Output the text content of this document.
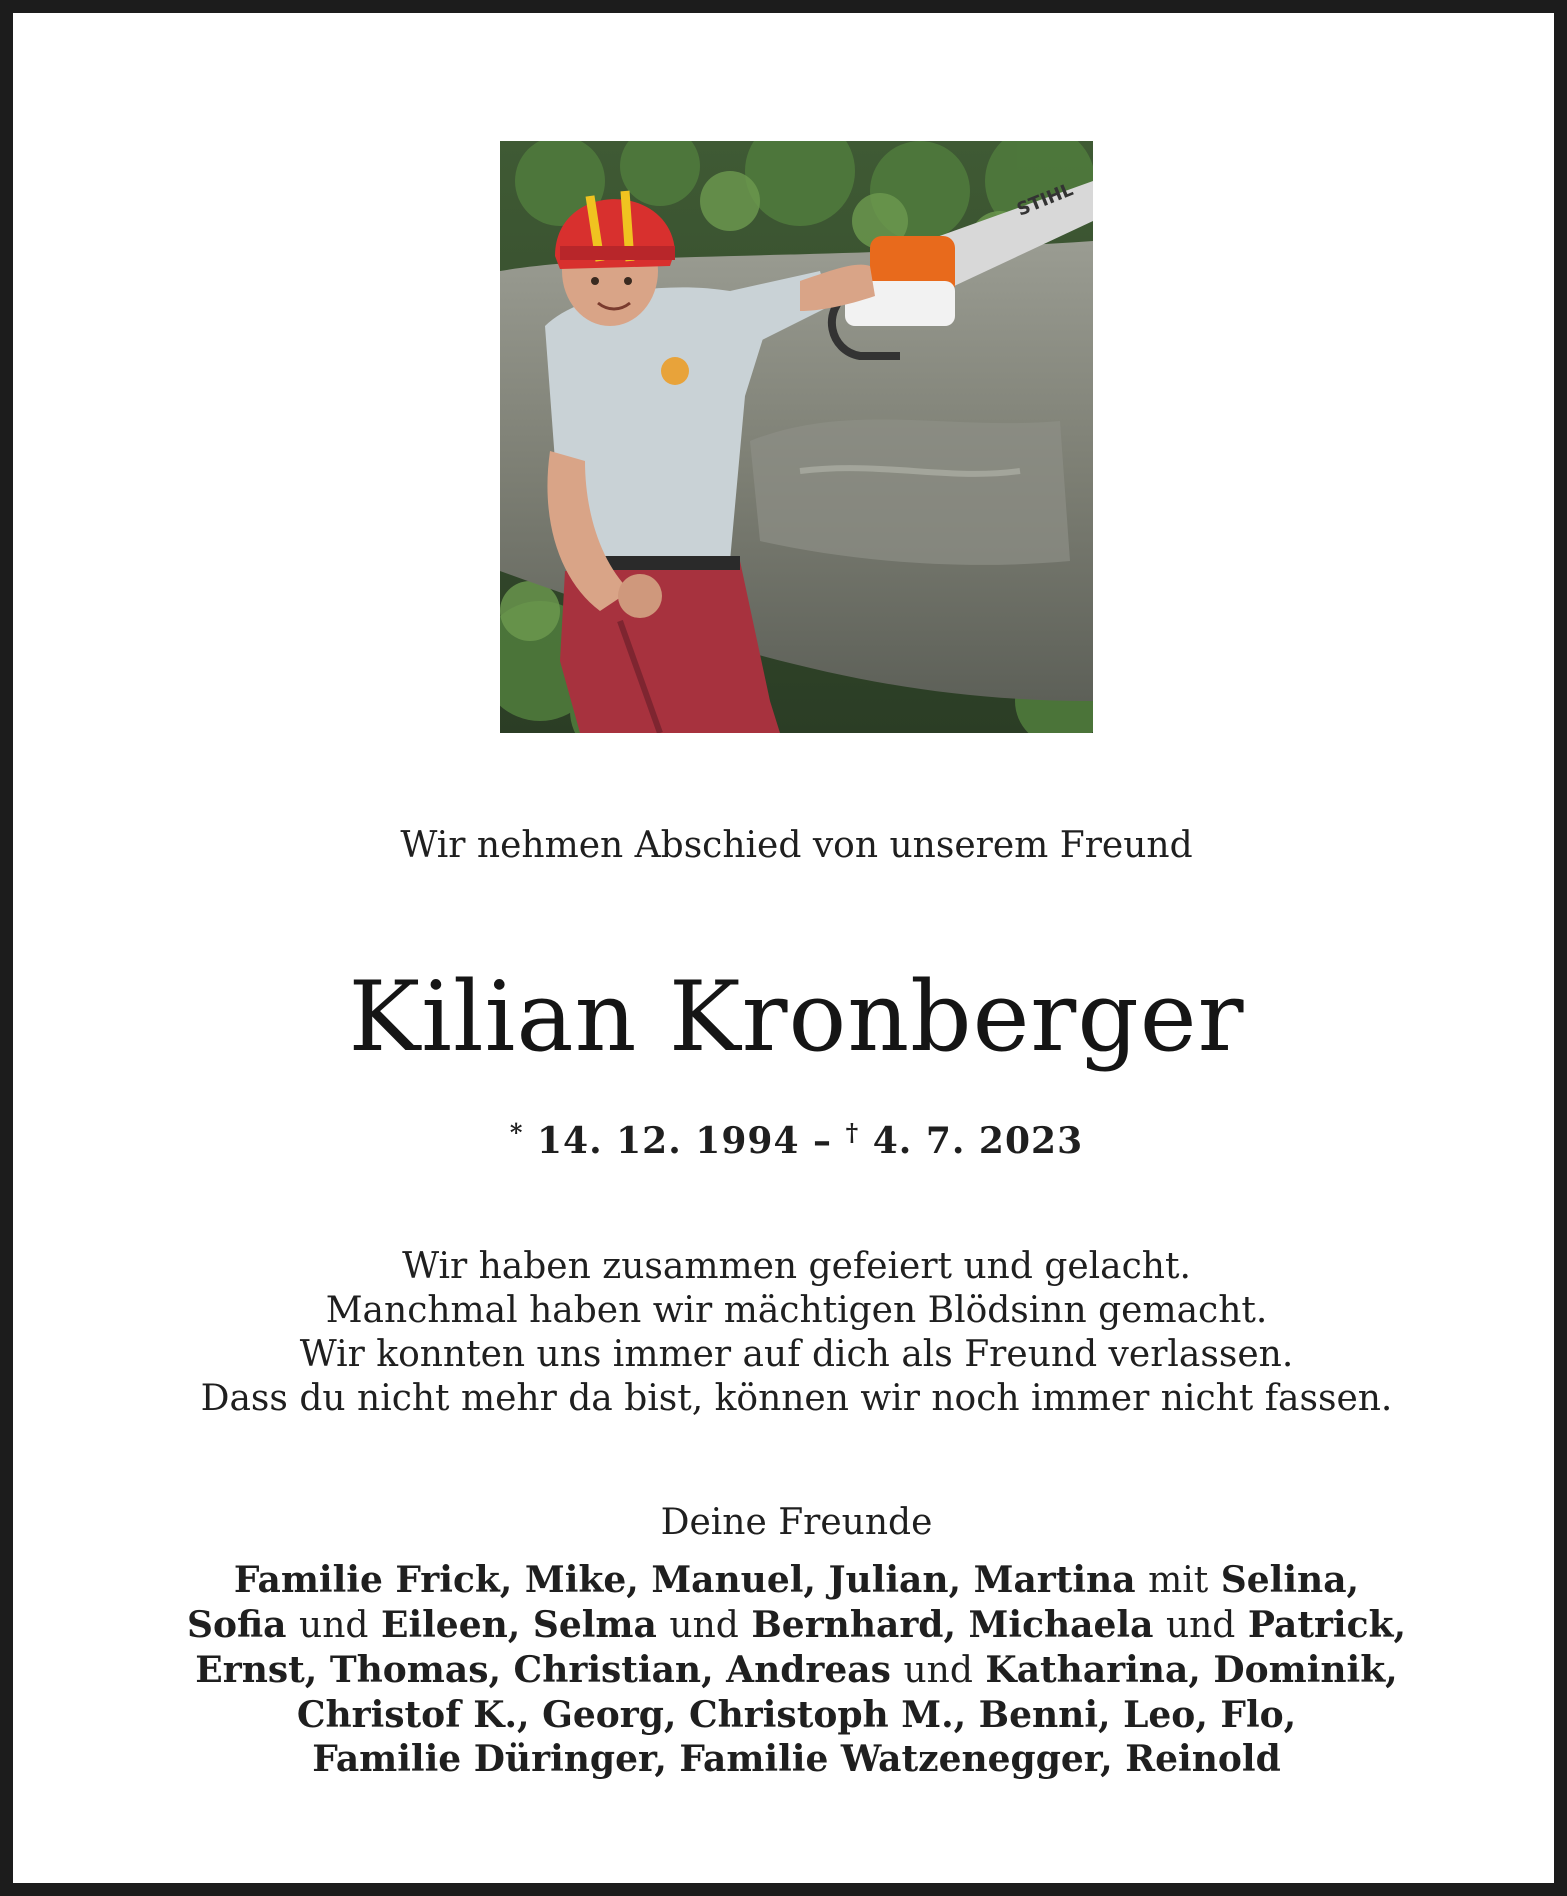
STIHL
Wir nehmen Abschied von unserem Freund
Kilian Kronberger
* 14. 12. 1994 – † 4. 7. 2023
Wir haben zusammen gefeiert und gelacht.
Manchmal haben wir mächtigen Blödsinn gemacht.
Wir konnten uns immer auf dich als Freund verlassen.
Dass du nicht mehr da bist, können wir noch immer nicht fassen.
Deine Freunde
Familie Frick, Mike, Manuel, Julian, Martina mit Selina,
Sofia und Eileen, Selma und Bernhard, Michaela und Patrick,
Ernst, Thomas, Christian, Andreas und Katharina, Dominik,
Christof K., Georg, Christoph M., Benni, Leo, Flo,
Familie Düringer, Familie Watzenegger, Reinold
